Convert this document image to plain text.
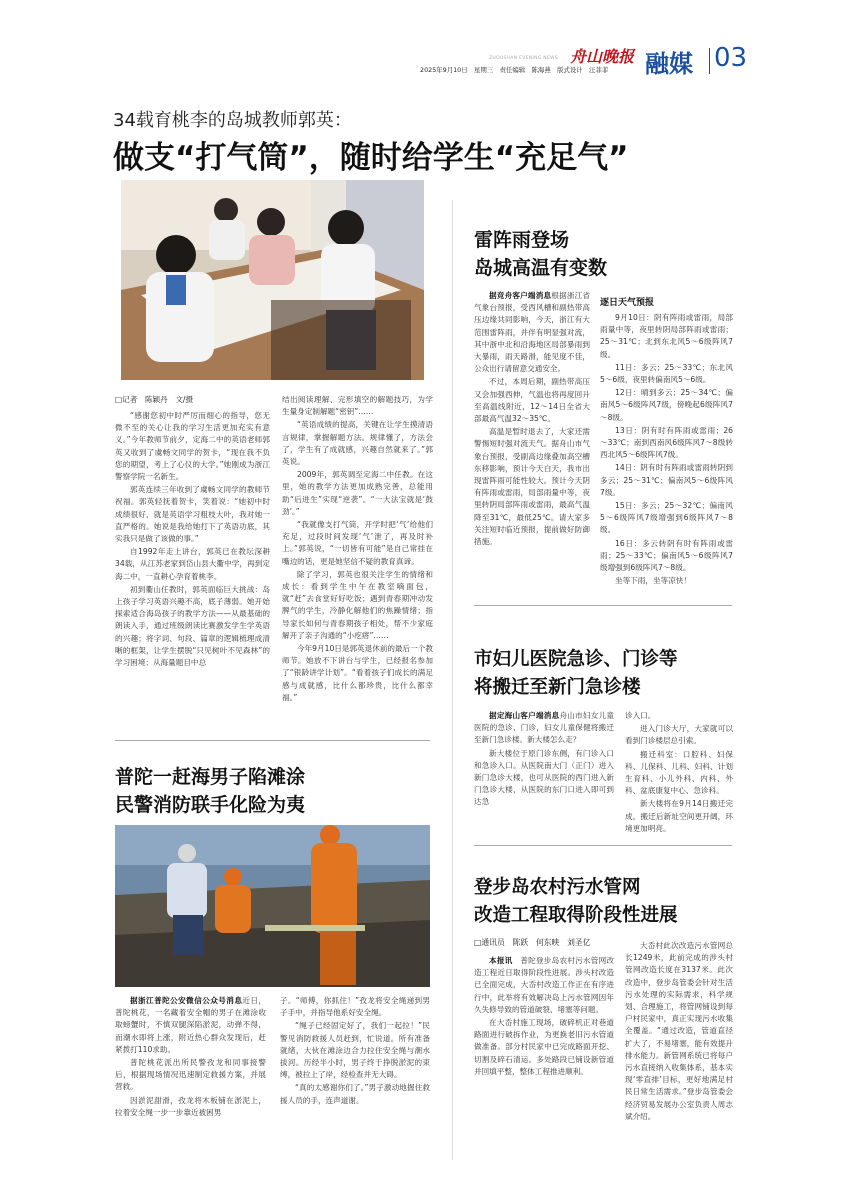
ZHOUSHAN EVENING NEWS 舟山晚报
2025年9月10日　星期三　责任编辑　陈海燕　版式设计　汪菲菲	融媒 03
34载育桃李的岛城教师郭英：
做支“打气筒”，随时给学生“充足气”
□记者　陈颖丹　文/摄

“感谢您初中时严厉而细心的指导，您无微不至的关心让我的学习生活更加充实有意义。”今年教师节前夕，定海二中的英语老师郭英又收到了虞畅文同学的贺卡，“现在我不负您的期望，考上了心仪的大学。”她刚成为浙江警察学院一名新生。

郭英连续三年收到了虞畅文同学的教师节祝福。郭英轻抚着贺卡，笑着说：“她初中时成绩很好，就是英语学习粗枝大叶，我对她一直严格的。她说是我给她打下了英语功底，其实我只是做了该做的事。”

自1992年走上讲台，郭英已在教坛深耕34载，从江苏老家到岱山县大衢中学，再到定海二中，一直耕心孕育着桃李。

初到衢山任教时，郭英面临巨大挑战：岛上孩子学习英语兴趣不高，底子薄弱。她开始探索适合海岛孩子的教学方法——从最基础的朗读入手，通过班级朗读比赛激发学生学英语的兴趣；将字词、句段、篇章的逻辑梳理成清晰的框架，让学生摆脱“只见树叶不见森林”的学习困境；从海量题目中总

结出阅读理解、完形填空的解题技巧，为学生量身定制解题“密钥”……

“英语成绩的提高，关键在让学生摸清语言规律，掌握解题方法。规律懂了，方法会了，学生有了成就感，兴趣自然就来了。”郭英说。

2009年，郭英调至定海二中任教。在这里，她的教学方法更加成熟完善，总能用助“后进生”实现“逆袭”。“一大法宝就是‘鼓劲’。”

“我就像支打气筒，开学时把‘气’给他们充足，过段时间发现‘气’泄了，再及时补上。”郭英说，“一切皆有可能”是自己常挂在嘴边的话，更是她坚信不疑的教育真谛。

除了学习，郭英也很关注学生的情绪和成长：看到学生中午在教室嘀面包，就“赶”去食堂好好吃饭；遇到青春期冲动发脾气的学生，冷静化解他们的焦躁情绪；指导家长如何与青春期孩子相处，帮不少家庭解开了亲子沟通的“小疙瘩”……

今年9月10日是郭英退休前的最后一个教师节。她放不下讲台与学生，已经报名参加了“银龄讲学计划”。“看着孩子们成长的满足感与成就感，比什么都珍贵，比什么都幸福。”

雷阵雨登场
岛城高温有变数

据竞舟客户端消息根据浙江省气象台预报，受西风槽和副热带高压边缘共同影响，今天，浙江有大范围雷阵雨，并伴有明显强对流，其中浙中北和沿海地区局部暴雨到大暴雨，雨天路滑，能见度不佳，公众出行请留意交通安全。

不过，本周后期，副热带高压又会加强西伸，气温也将再度回升至高温线附近，12～14日全省大部最高气温32～35℃。

高温是暂时退去了，大家还需警惕短时强对流天气。据舟山市气象台预报，受副高边缘叠加高空槽东移影响，预计今天白天，我市出现雷阵雨可能性较大。预计今天阴有阵雨或雷雨，局部雨量中等，夜里转阴局部阵雨或雷雨，最高气温降至31℃，最低25℃。请大家多关注短时临近预报，提前做好防御措施。

逐日天气预报

9月10日：阴有阵雨或雷雨，局部雨量中等，夜里转阴局部阵雨或雷雨；25～31℃；北到东北风5～6级阵风7级。

11日：多云；25～33℃；东北风5～6级，夜里转偏南风5～6级。

12日：晴到多云；25～34℃；偏南风5～6级阵风7级，傍晚起6级阵风7～8级。

13日：阴有时有阵雨或雷雨；26～33℃；南到西南风6级阵风7～8级转西北风5～6级阵风7级。

14日：阴有时有阵雨或雷雨转阴到多云；25～31℃；偏南风5～6级阵风7级。

15日：多云；25～32℃；偏南风5～6级阵风7级增强到6级阵风7～8级。

16日：多云转阴有时有阵雨或雷雨；25～33℃；偏南风5～6级阵风7级增强到6级阵风7～8级。

坐等下雨，坐等凉快！

市妇儿医院急诊、门诊等
将搬迁至新门急诊楼

据定海山客户端消息舟山市妇女儿童医院的急诊、门诊，妇女儿童保健将搬迁至新门急诊楼。新大楼怎么走？

新大楼位于原门诊东侧，有门诊入口和急诊入口。从医院南大门（正门）进入新门急诊大楼，也可从医院的西门进入新门急诊大楼，从医院的东门口进入即可到达急

诊入口。

进入门诊大厅，大家就可以看到门诊楼层总引索。

搬迁科室：口腔科、妇保科、儿保科、儿科、妇科、计划生育科、小儿外科、内科、外科、盆底康复中心、急诊科。

新大楼将在9月14日搬迁完成。搬迁后新址空间更开阔，环境更加明亮。

登步岛农村污水管网
改造工程取得阶段性进展
□通讯员　陈跃　何东映　刘圣亿

本报讯　 普陀登步岛农村污水管网改造工程近日取得阶段性进展。涉头村改造已全面完成，大岙村改造工作正在有序进行中，此举将有效解决岛上污水管网因年久失修导致的管道破裂、堵塞等问题。

在大岙村施工现场，破碎机正对巷道路面进行破拆作业，为更换老旧污水管道做准备。部分村民家中已完成路面开挖、切割及碎石清运。多处路段已铺设新管道并回填平整，整体工程推进顺利。

大岙村此次改造污水管网总长1249米，此前完成的涉头村管网改造长度在3137米。此次改造中，登步岛管委会针对生活污水处理的实际需求，科学规划、合理施工，将管网铺设到每户村民家中，真正实现污水收集全覆盖。“通过改造，管道直径扩大了，不易堵塞，能有效提升排水能力。新管网系统已将每户污水直接纳入收集体系，基本实现‘零直排’目标，更好地满足村民日常生活需求。”登步岛管委会经济贸易发展办公室负责人周志斌介绍。

普陀一赶海男子陷滩涂
民警消防联手化险为夷

据浙江普陀公安微信公众号消息近日，普陀桃花，一名藏着安全帽的男子在滩涂收取螃蟹时，不慎双腿深陷淤泥，动弹不得，而潮水即将上涨，附近热心群众发现后，赶紧拨打110求助。

普陀桃花派出所民警孜龙和同事接警后，根据现场情况迅速制定救援方案，并展营救。

因淤泥甜滑，孜龙将木板铺在淤泥上，拉着安全绳一步一步靠近被困男

子。“师傅，你抓住！”孜龙将安全绳递到男子手中，并指导他系好安全绳。

“绳子已经固定好了，我们一起拉！”民警见消防救援人员赶到，忙说道。所有准备就绪，大伙在滩涂边合力拉住安全绳与潮水拔河。历经半小时，男子终于挣脱淤泥的束缚，被拉上了岸，经检查并无大碍。

“真的太感谢你们了。”男子激动地握住救援人员的手，连声道谢。
